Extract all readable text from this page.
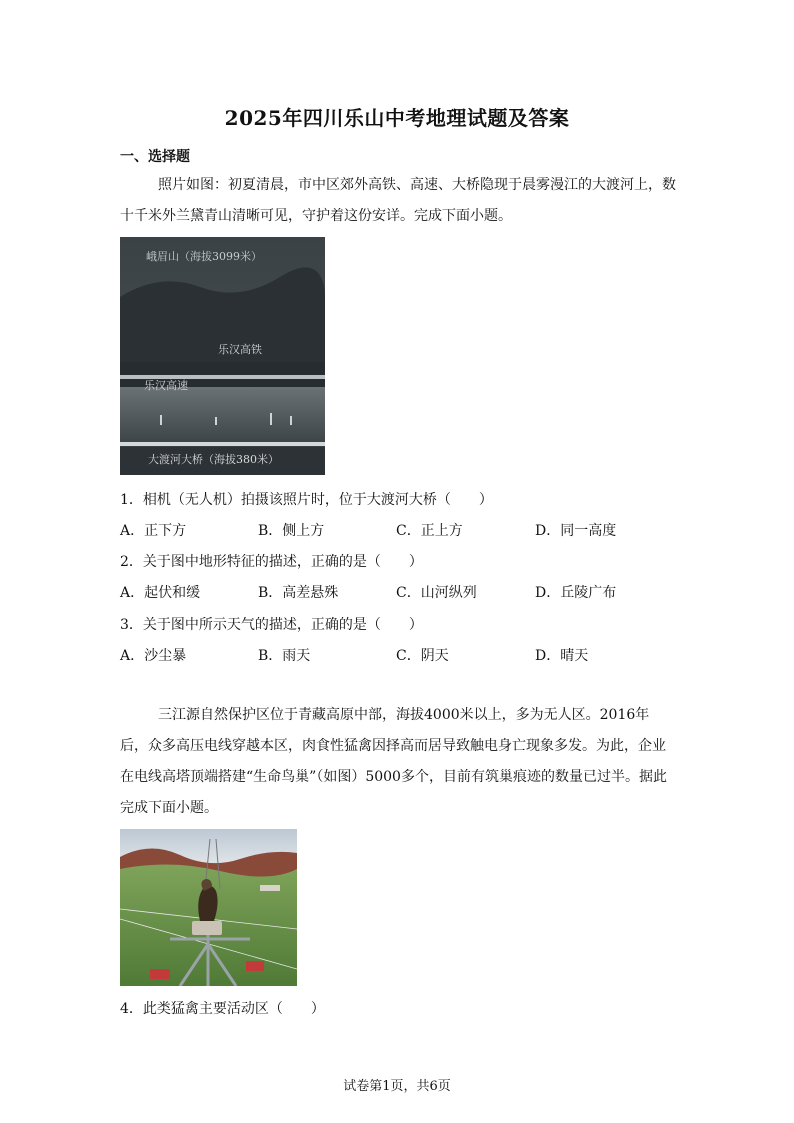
2025年四川乐山中考地理试题及答案
一、选择题

照片如图：初夏清晨，市中区郊外高铁、高速、大桥隐现于晨雾漫江的大渡河上，数十千米外兰黛青山清晰可见，守护着这份安详。完成下面小题。

峨眉山（海拔3099米）
乐汉高铁
乐汉高速
大渡河大桥（海拔380米）
1．相机（无人机）拍摄该照片时，位于大渡河大桥（　　）
A．正下方	B．侧上方	C．正上方	D．同一高度
2．关于图中地形特征的描述，正确的是（　　）
A．起伏和缓	B．高差悬殊	C．山河纵列	D．丘陵广布
3．关于图中所示天气的描述，正确的是（　　）
A．沙尘暴	B．雨天	C．阴天	D．晴天

三江源自然保护区位于青藏高原中部，海拔4000米以上，多为无人区。2016年后，众多高压电线穿越本区，肉食性猛禽因择高而居导致触电身亡现象多发。为此，企业在电线高塔顶端搭建“生命鸟巢”（如图）5000多个，目前有筑巢痕迹的数量已过半。据此完成下面小题。

4．此类猛禽主要活动区（　　）
试卷第1页，共6页
